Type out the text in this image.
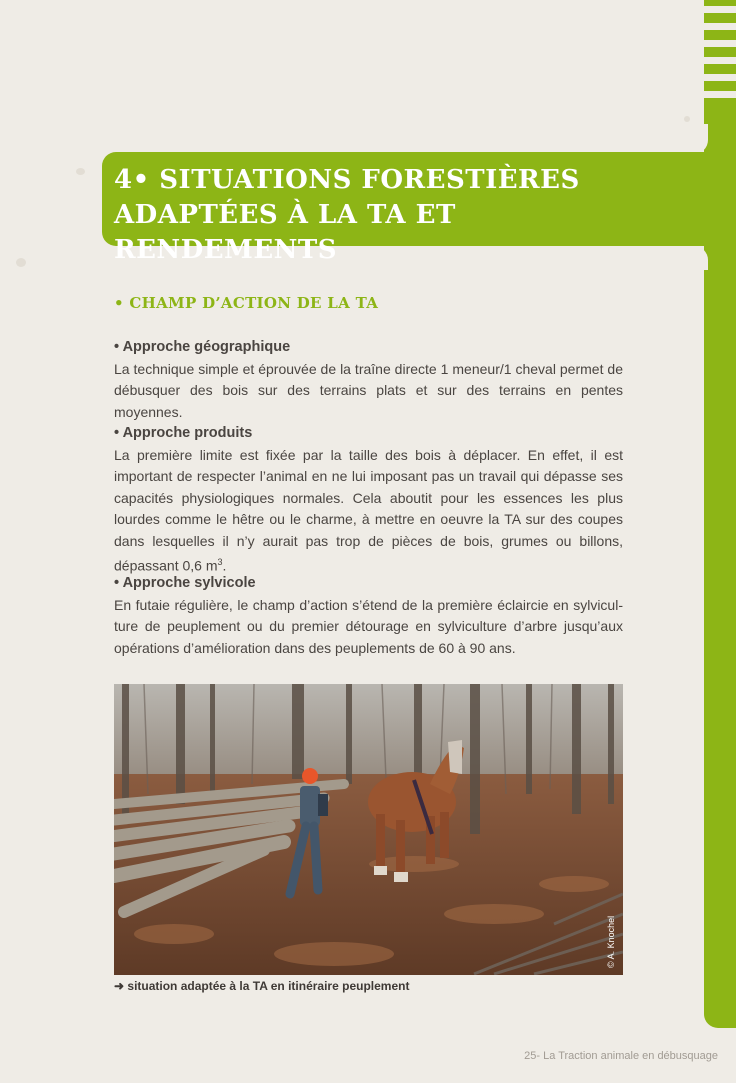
4• SITUATIONS FORESTIÈRES
ADAPTÉES À LA TA ET RENDEMENTS
• CHAMP D’ACTION DE LA TA
• Approche géographique

La technique simple et éprouvée de la traîne directe 1 meneur/1 cheval permet de débusquer des bois sur des terrains plats et sur des terrains en pentes moyennes.

• Approche produits

La première limite est fixée par la taille des bois à déplacer. En effet, il est important de respecter l’animal en ne lui imposant pas un travail qui dépasse ses capacités physiologiques normales. Cela aboutit pour les essences les plus lourdes comme le hêtre ou le charme, à mettre en oeuvre la TA sur des coupes dans lesquelles il n’y aurait pas trop de pièces de bois, grumes ou billons, dépassant 0,6 $m^3$.

• Approche sylvicole

En futaie régulière, le champ d’action s’étend de la première éclaircie en sylvicul-ture de peuplement ou du premier détourage en sylviculture d’arbre jusqu’aux opérations d’amélioration dans des peuplements de 60 à 90 ans.

© A. Knochel

➜ situation adaptée à la TA en itinéraire peuplement

25- La Traction animale en débusquage
